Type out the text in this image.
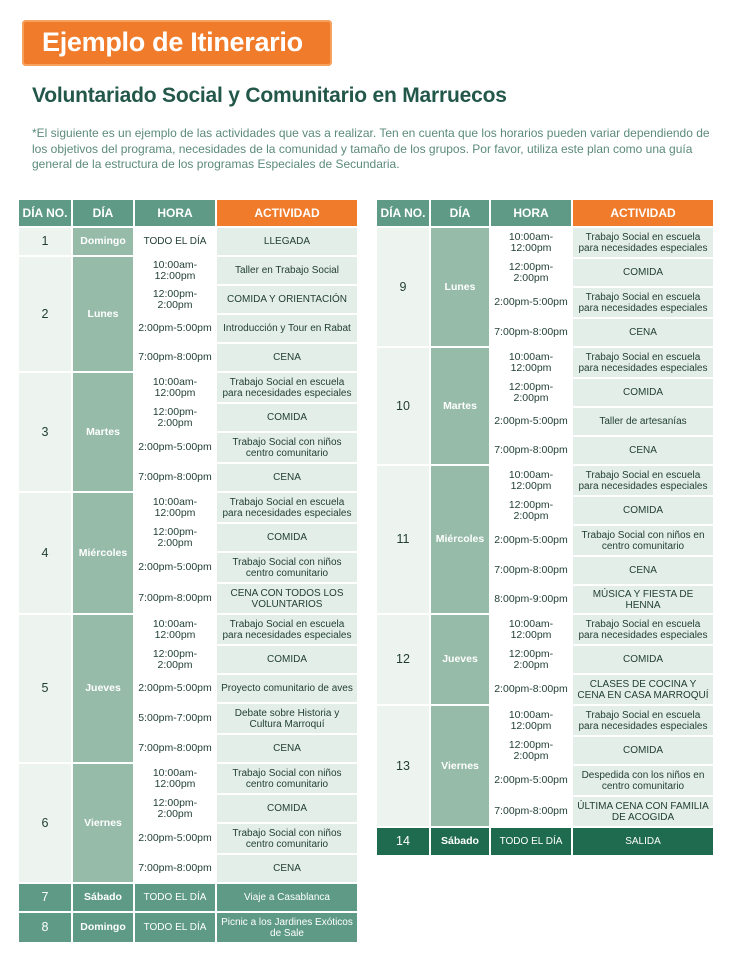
Ejemplo de Itinerario
Voluntariado Social y Comunitario en Marruecos
*El siguiente es un ejemplo de las actividades que vas a realizar. Ten en cuenta que los horarios pueden variar dependiendo de los objetivos del programa, necesidades de la comunidad y tamaño de los grupos. Por favor, utiliza este plan como una guía general de la estructura de los programas Especiales de Secundaria.
DÍA NO.	DÍA	HORA	ACTIVIDAD
1	Domingo	TODO EL DÍA	LLEGADA
2	Lunes	10:00am-12:00pm	Taller en Trabajo Social
		12:00pm-2:00pm	COMIDA Y ORIENTACIÓN
		2:00pm-5:00pm	Introducción y Tour en Rabat
		7:00pm-8:00pm	CENA
3	Martes	10:00am-12:00pm	Trabajo Social en escuela para necesidades especiales
		12:00pm-2:00pm	COMIDA
		2:00pm-5:00pm	Trabajo Social con niños centro comunitario
		7:00pm-8:00pm	CENA
4	Miércoles	10:00am-12:00pm	Trabajo Social en escuela para necesidades especiales
		12:00pm-2:00pm	COMIDA
		2:00pm-5:00pm	Trabajo Social con niños centro comunitario
		7:00pm-8:00pm	CENA CON TODOS LOS VOLUNTARIOS
5	Jueves	10:00am-12:00pm	Trabajo Social en escuela para necesidades especiales
		12:00pm-2:00pm	COMIDA
		2:00pm-5:00pm	Proyecto comunitario de aves
		5:00pm-7:00pm	Debate sobre Historia y Cultura Marroquí
		7:00pm-8:00pm	CENA
6	Viernes	10:00am-12:00pm	Trabajo Social con niños centro comunitario
		12:00pm-2:00pm	COMIDA
		2:00pm-5:00pm	Trabajo Social con niños centro comunitario
		7:00pm-8:00pm	CENA
7	Sábado	TODO EL DÍA	Viaje a Casablanca
8	Domingo	TODO EL DÍA	Picnic a los Jardines Exóticos de Sale
DÍA NO.	DÍA	HORA	ACTIVIDAD
9	Lunes	10:00am-12:00pm	Trabajo Social en escuela para necesidades especiales
		12:00pm-2:00pm	COMIDA
		2:00pm-5:00pm	Trabajo Social en escuela para necesidades especiales
		7:00pm-8:00pm	CENA
10	Martes	10:00am-12:00pm	Trabajo Social en escuela para necesidades especiales
		12:00pm-2:00pm	COMIDA
		2:00pm-5:00pm	Taller de artesanías
		7:00pm-8:00pm	CENA
11	Miércoles	10:00am-12:00pm	Trabajo Social en escuela para necesidades especiales
		12:00pm-2:00pm	COMIDA
		2:00pm-5:00pm	Trabajo Social con niños en centro comunitario
		7:00pm-8:00pm	CENA
		8:00pm-9:00pm	MÚSICA Y FIESTA DE HENNA
12	Jueves	10:00am-12:00pm	Trabajo Social en escuela para necesidades especiales
		12:00pm-2:00pm	COMIDA
		2:00pm-8:00pm	CLASES DE COCINA Y CENA EN CASA MARROQUÍ
13	Viernes	10:00am-12:00pm	Trabajo Social en escuela para necesidades especiales
		12:00pm-2:00pm	COMIDA
		2:00pm-5:00pm	Despedida con los niños en centro comunitario
		7:00pm-8:00pm	ÚLTIMA CENA CON FAMILIA DE ACOGIDA
14	Sábado	TODO EL DÍA	SALIDA
